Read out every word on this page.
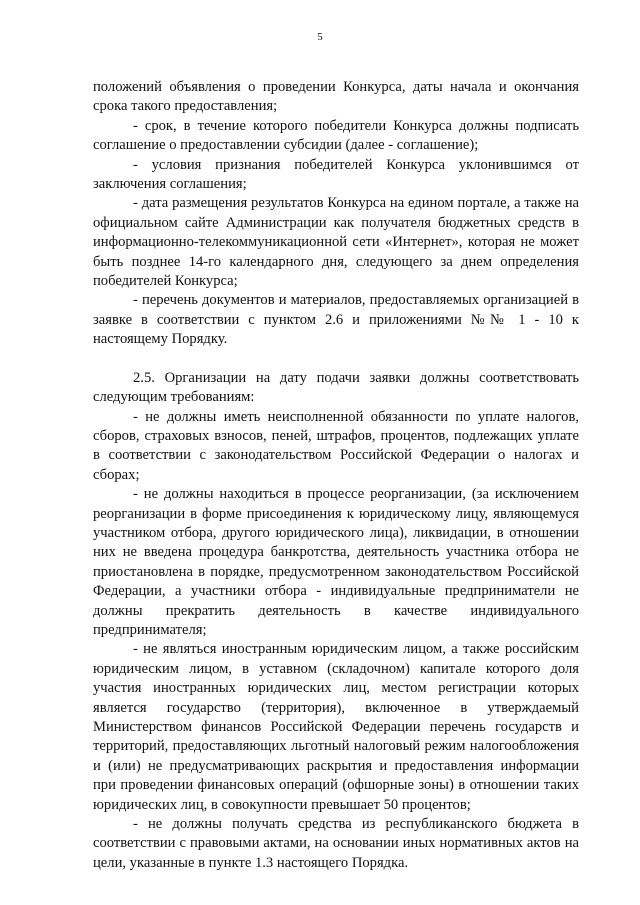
5

положений объявления о проведении Конкурса, даты начала и окончания срока такого предоставления;

- срок, в течение которого победители Конкурса должны подписать соглашение о предоставлении субсидии (далее - соглашение);

- условия признания победителей Конкурса уклонившимся от заключения соглашения;

- дата размещения результатов Конкурса на едином портале, а также на официальном сайте Администрации как получателя бюджетных средств в информационно-телекоммуникационной сети «Интернет», которая не может быть позднее 14-го календарного дня, следующего за днем определения победителей Конкурса;

- перечень документов и материалов, предоставляемых организацией в заявке в соответствии с пунктом 2.6 и приложениями №№ 1 - 10 к настоящему Порядку.

2.5. Организации на дату подачи заявки должны соответствовать следующим требованиям:

- не должны иметь неисполненной обязанности по уплате налогов, сборов, страховых взносов, пеней, штрафов, процентов, подлежащих уплате в соответствии с законодательством Российской Федерации о налогах и сборах;

- не должны находиться в процессе реорганизации, (за исключением реорганизации в форме присоединения к юридическому лицу, являющемуся участником отбора, другого юридического лица), ликвидации, в отношении них не введена процедура банкротства, деятельность участника отбора не приостановлена в порядке, предусмотренном законодательством Российской Федерации, а участники отбора - индивидуальные предприниматели не должны прекратить деятельность в качестве индивидуального предпринимателя;

- не являться иностранным юридическим лицом, а также российским юридическим лицом, в уставном (складочном) капитале которого доля участия иностранных юридических лиц, местом регистрации которых является государство (территория), включенное в утверждаемый Министерством финансов Российской Федерации перечень государств и территорий, предоставляющих льготный налоговый режим налогообложения и (или) не предусматривающих раскрытия и предоставления информации при проведении финансовых операций (офшорные зоны) в отношении таких юридических лиц, в совокупности превышает 50 процентов;

- не должны получать средства из республиканского бюджета в соответствии с правовыми актами, на основании иных нормативных актов на цели, указанные в пункте 1.3 настоящего Порядка.
